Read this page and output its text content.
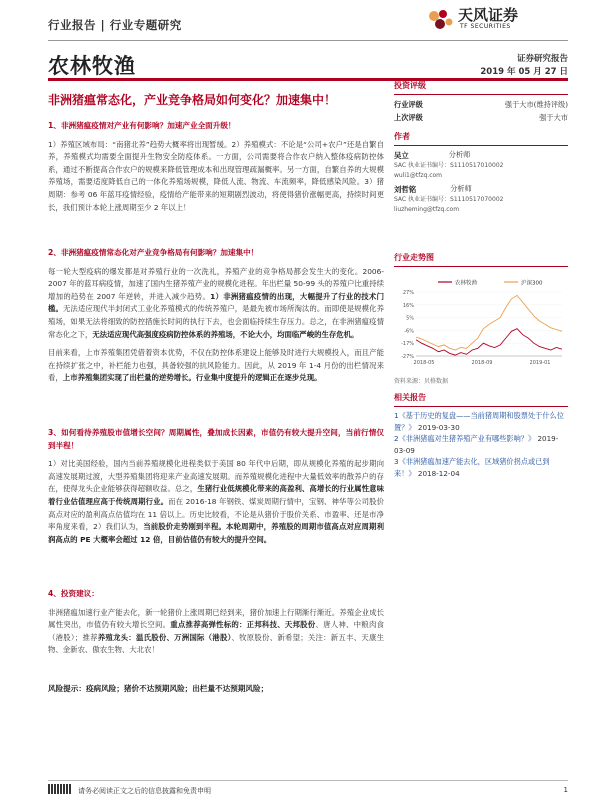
行业报告 | 行业专题研究
天风证券
TF SECURITIES
农林牧渔	证券研究报告
2019 年 05 月 27 日
非洲猪瘟常态化，产业竞争格局如何变化？加速集中！

1、非洲猪瘟疫情对产业有何影响？加速产业全面升级！

1）养殖区域布局：“南猪北养”趋势大概率将出现暂缓。2）养殖模式：不论是“公司+农户”还是自繁自养，养殖模式均需要全面提升生物安全防疫体系。一方面，公司需要将合作农户纳入整体疫病防控体系，通过不断提高合作农户的规模来降低管理成本和出现管理疏漏概率。另一方面，自繁自养的大规模养殖场，需要适度降低自己的一体化养殖场规模，降低人流、物流、车流频率，降低感染风险。3）猪周期：参考 06 年蓝耳疫情经验，疫情给产能带来的短期剧烈波动，将使得猪价涨幅更高，持续时间更长，我们预计本轮上涨周期至少 2 年以上！

2、非洲猪瘟疫情常态化对产业竞争格局有何影响？加速集中！

每一轮大型疫病的爆发都是对养殖行业的一次洗礼，养殖产业的竞争格局都会发生大的变化。2006-2007 年的蓝耳病疫情，加速了国内生猪养殖产业的规模化进程。年出栏量 50-99 头的养殖户比重持续增加的趋势在 2007 年逆转，并进入减少趋势。1）非洲猪瘟疫情的出现，大幅提升了行业的技术门槛。无法适应现代半封闭式工业化养殖模式的传统养殖户，是最先被市场所淘汰的。而即使是规模化养殖场，如果无法将细致的防控措施长时间的执行下去，也会面临持续生存压力。总之，在非洲猪瘟疫情常态化之下，无法适应现代高强度疫病防控体系的养殖场，不论大小，均面临严峻的生存危机。

目前来看，上市养殖集团凭借着资本优势，不仅在防控体系建设上能够及时进行大规模投入，而且产能在持续扩张之中，补栏能力也强，具备较强的抗风险能力。因此，从 2019 年 1-4 月份的出栏情况来看，上市养殖集团实现了出栏量的逆势增长。行业集中度提升的逻辑正在逐步兑现。

3、如何看待养殖股市值增长空间？周期属性，叠加成长因素，市值仍有较大提升空间，当前行情仅到半程！

1）对比美国经验，国内当前养殖规模化进程类似于美国 80 年代中后期，即从规模化养殖的起步期向高速发展期过渡，大型养殖集团将迎来产业高速发展期。而养殖规模化进程中大量低效率的散养户的存在，使得龙头企业能够获得超额收益。总之，生猪行业低规模化带来的高盈利、高增长的行业属性意味着行业估值理应高于传统周期行业。而在 2016-18 年钢铁、煤炭周期行情中，宝钢、神华等公司股价高点对应的盈利高点估值均在 11 倍以上。历史比较看，不论是从猪价于股价关系、市盈率、还是市净率角度来看，2）我们认为，当前股价走势刚到半程。本轮周期中，养殖股的周期市值高点对应周期利润高点的 PE 大概率会超过 12 倍，目前估值仍有较大的提升空间。

4、投资建议：

非洲猪瘟加速行业产能去化，新一轮猪价上涨周期已经到来，猪价加速上行期渐行渐近。养殖企业成长属性突出，市值仍有较大增长空间。重点推荐高弹性标的：正邦科技、天邦股份、唐人神、中粮肉食（港股）；推荐养殖龙头：温氏股份、万洲国际（港股）、牧原股份、新希望；关注：新五丰、天康生物、金新农、傲农生物、大北农！

风险提示：疫病风险；猪价不达预期风险；出栏量不达预期风险；
投资评级
行业评级	强于大市(维持评级)
上次评级	强于大市
作者
吴立	分析师
SAC 执业证书编号：S1110517010002
wuli1@tfzq.com
刘哲铭	分析师
SAC 执业证书编号：S1110517070002
liuzheming@tfzq.com
行业走势图
农林牧渔	沪深300
27%
16%
5%
-6%
-17%
-27%
2018-05	2018-09	2019-01
资料来源：贝格数据
相关报告
1《基于历史的复盘——当前猪周期和股票处于什么位置？》 2019-03-30
2《非洲猪瘟对生猪养殖产业有哪些影响？》 2019-03-09
3《非洲猪瘟加速产能去化，区域猪价拐点或已到来！》 2018-12-04
请务必阅读正文之后的信息披露和免责申明	1
